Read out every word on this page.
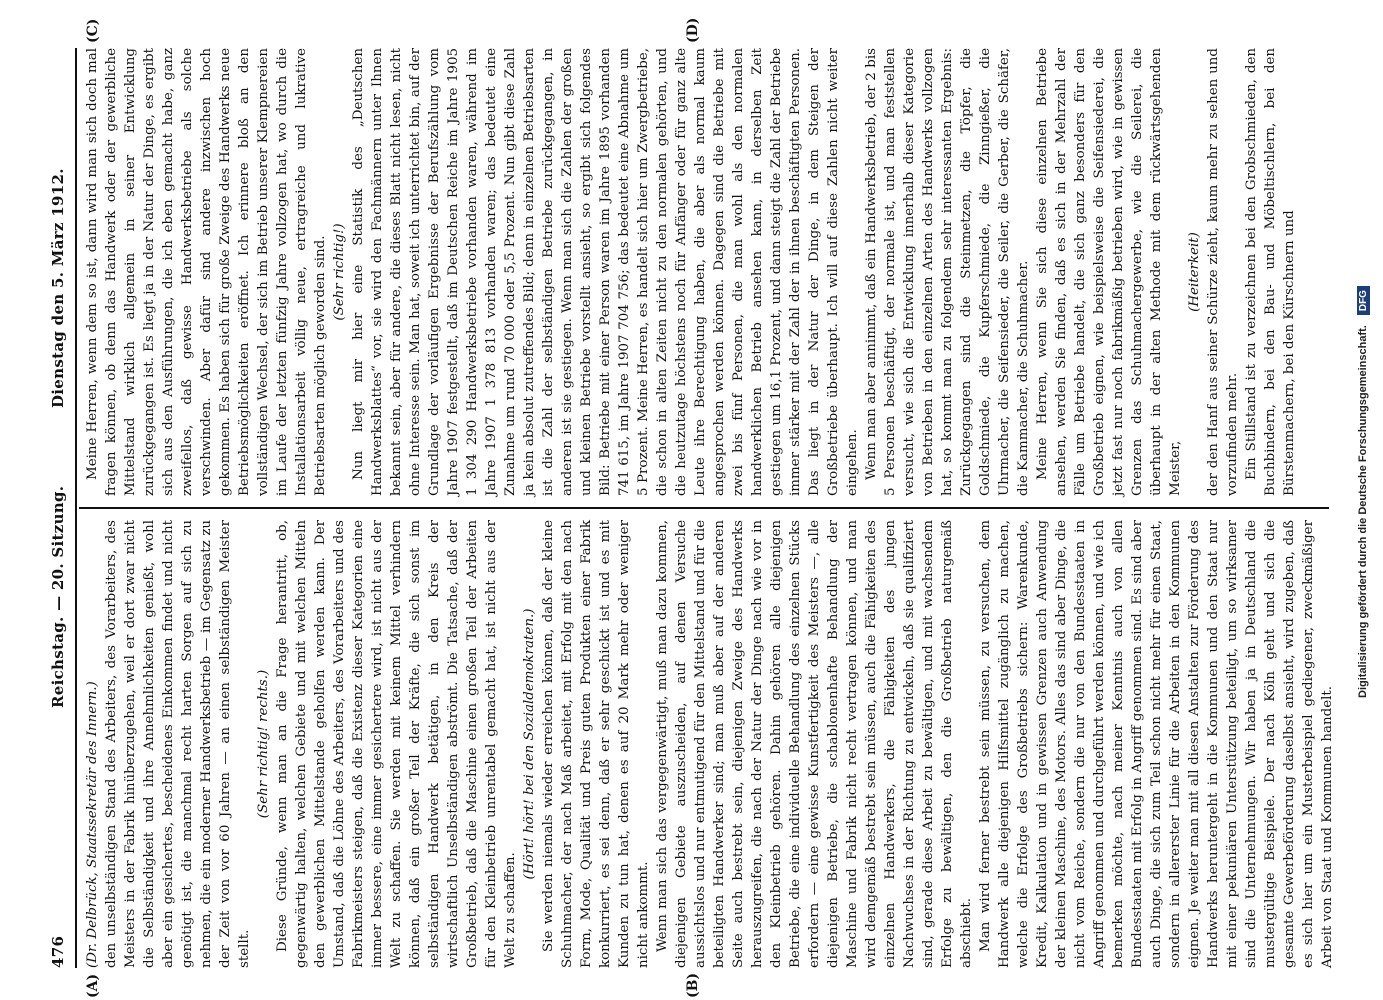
476
Reichstag. — 20. Sitzung.
Dienstag den 5. März 1912.

(Dr. Delbrück, Staatssekretär des Innern.) den unselbständigen Stand des Arbeiters, des Vorarbeiters, des Meisters in der Fabrik hinüberzugehen, weil er dort zwar nicht die Selbständigkeit und ihre Annehmlichkeiten genießt, wohl aber ein gesichertes, bescheidenes Einkommen findet und nicht genötigt ist, die manchmal recht harten Sorgen auf sich zu nehmen, die ein moderner Handwerksbetrieb — im Gegensatz zu der Zeit von vor 60 Jahren — an einen selbständigen Meister stellt.

(Sehr richtig! rechts.) Diese Gründe, wenn man an die Frage herantritt, ob, gegenwärtig halten, welchen Gebiete und mit welchen Mitteln den gewerblichen Mittelstande geholfen werden kann. Der Umstand, daß die Löhne des Arbeiters, des Vorarbeiters und des Fabrikmeisters steigen, daß die Existenz dieser Kategorien eine immer bessere, eine immer gesichertere wird, ist nicht aus der Welt zu schaffen. Sie werden mit keinem Mittel verhindern können, daß ein großer Teil der Kräfte, die sich sonst im selbständigen Handwerk betätigen, in den Kreis der wirtschaftlich Unselbständigen abströmt. Die Tatsache, daß der Großbetrieb, daß die Maschine einen großen Teil der Arbeiten für den Kleinbetrieb unrentabel gemacht hat, ist nicht aus der Welt zu schaffen.

(Hört! hört! bei den Sozialdemokraten.) Sie werden niemals wieder erreichen können, daß der kleine Schuhmacher, der nach Maß arbeitet, mit Erfolg mit den nach Form, Mode, Qualität und Preis guten Produkten einer Fabrik konkurriert, es sei denn, daß er sehr geschickt ist und es mit Kunden zu tun hat, denen es auf 20 Mark mehr oder weniger nicht ankommt. Wenn man sich das vergegenwärtigt, muß man dazu kommen, diejenigen Gebiete auszuscheiden, auf denen Versuche aussichtslos und nur entmutigend für den Mittelstand und für die beteiligten Handwerker sind; man muß aber auf der anderen Seite auch bestrebt sein, diejenigen Zweige des Handwerks herauszugreifen, die nach der Natur der Dinge nach wie vor in den Kleinbetrieb gehören. Dahin gehören alle diejenigen Betriebe, die eine individuelle Behandlung des einzelnen Stücks erfordern — eine gewisse Kunstfertigkeit des Meisters —, alle diejenigen Betriebe, die schablonenhafte Behandlung der Maschine und Fabrik nicht recht vertragen können, und man wird demgemäß bestrebt sein müssen, auch die Fähigkeiten des einzelnen Handwerkers, die Fähigkeiten des jungen Nachwuchses in der Richtung zu entwickeln, daß sie qualifiziert sind, gerade diese Arbeit zu bewältigen, und mit wachsendem Erfolge zu bewältigen, den die Großbetrieb naturgemäß abschiebt. Man wird ferner bestrebt sein müssen, zu versuchen, dem Handwerk alle diejenigen Hilfsmittel zugänglich zu machen, welche die Erfolge des Großbetriebs sichern: Warenkunde, Kredit, Kalkulation und in gewissen Grenzen auch Anwendung der kleinen Maschine, des Motors. Alles das sind aber Dinge, die nicht vom Reiche, sondern die nur von den Bundesstaaten in Angriff genommen und durchgeführt werden können, und wie ich bemerken möchte, nach meiner Kenntnis auch von allen Bundesstaaten mit Erfolg in Angriff genommen sind. Es sind aber auch Dinge, die sich zum Teil schon nicht mehr für einen Staat, sondern in allererster Linie für die Arbeiten in den Kommunen eignen. Je weiter man mit all diesen Anstalten zur Förderung des Handwerks heruntergeht in die Kommunen und den Staat nur mit einer pekuniären Unterstützung beteiligt, um so wirksamer sind die Unternehmungen. Wir haben ja in Deutschland die mustergültige Beispiele. Der nach Köln geht und sich die gesamte Gewerbeförderung daselbst ansieht, wird zugeben, daß es sich hier um ein Musterbeispiel gediegener, zweckmäßiger Arbeit von Staat und Kommunen handelt.

Meine Herren, wenn dem so ist, dann wird man sich doch mal fragen können, ob denn das Handwerk oder der gewerbliche Mittelstand wirklich allgemein in seiner Entwicklung zurückgegangen ist. Es liegt ja in der Natur der Dinge, es ergibt sich aus den Ausführungen, die ich eben gemacht habe, ganz zweifellos, daß gewisse Handwerksbetriebe als solche verschwinden. Aber dafür sind andere inzwischen hoch gekommen. Es haben sich für große Zweige des Handwerks neue Betriebsmöglichkeiten eröffnet. Ich erinnere bloß an den vollständigen Wechsel, der sich im Betrieb unserer Klempnereien im Laufe der letzten fünfzig Jahre vollzogen hat, wo durch die Installationsarbeit völlig neue, ertragreiche und lukrative Betriebsarten möglich geworden sind. (Sehr richtig!) Nun liegt mir hier eine Statistik des „Deutschen Handwerksblattes“ vor, sie wird den Fachmännern unter Ihnen bekannt sein, aber für andere, die dieses Blatt nicht lesen, nicht ohne Interesse sein. Man hat, soweit ich unterrichtet bin, auf der Grundlage der vorläufigen Ergebnisse der Berufszählung vom Jahre 1907 festgestellt, daß im Deutschen Reiche im Jahre 1905 1 304 290 Handwerksbetriebe vorhanden waren, während im Jahre 1907 1 378 813 vorhanden waren; das bedeutet eine Zunahme um rund 70 000 oder 5,5 Prozent. Nun gibt diese Zahl ja kein absolut zutreffendes Bild; denn in einzelnen Betriebsarten ist die Zahl der selbständigen Betriebe zurückgegangen, in anderen ist sie gestiegen. Wenn man sich die Zahlen der großen und kleinen Betriebe vorstellt ansieht, so ergibt sich folgendes Bild: Betriebe mit einer Person waren im Jahre 1895 vorhanden 741 615, im Jahre 1907 704 756; das bedeutet eine Abnahme um 5 Prozent. Meine Herren, es handelt sich hier um Zwergbetriebe, die schon in alten Zeiten nicht zu den normalen gehörten, und die heutzutage höchstens noch für Anfänger oder für ganz alte Leute ihre Berechtigung haben, die aber als normal kaum angesprochen werden können. Dagegen sind die Betriebe mit zwei bis fünf Personen, die man wohl als den normalen handwerklichen Betrieb ansehen kann, in derselben Zeit gestiegen um 16,1 Prozent, und dann steigt die Zahl der Betriebe immer stärker mit der Zahl der in ihnen beschäftigten Personen. Das liegt in der Natur der Dinge, in dem Steigen der Großbetriebe überhaupt. Ich will auf diese Zahlen nicht weiter eingehen. Wenn man aber annimmt, daß ein Handwerksbetrieb, der 2 bis 5 Personen beschäftigt, der normale ist, und man feststellen versucht, wie sich die Entwicklung innerhalb dieser Kategorie von Betrieben in den einzelnen Arten des Handwerks vollzogen hat, so kommt man zu folgendem sehr interessanten Ergebnis: Zurückgegangen sind die Steinmetzen, die Töpfer, die Goldschmiede, die Kupferschmiede, die Zinngießer, die Uhrmacher, die Seifensieder, die Seiler, die Gerber, die Schäfer, die Kammacher, die Schuhmacher. Meine Herren, wenn Sie sich diese einzelnen Betriebe ansehen, werden Sie finden, daß es sich in der Mehrzahl der Fälle um Betriebe handelt, die sich ganz besonders für den Großbetrieb eignen, wie beispielsweise die Seifensiederei, die jetzt fast nur noch fabrikmäßig betrieben wird, wie in gewissen Grenzen das Schuhmachergewerbe, wie die Seilerei, die überhaupt in der alten Methode mit dem rückwärtsgehenden Meister,

(Heiterkeit) der den Hanf aus seiner Schürze zieht, kaum mehr zu sehen und vorzufinden mehr. Ein Stillstand ist zu verzeichnen bei den Grobschmieden, den Buchbindern, bei den Bau- und Möbeltischlern, bei den Bürstenmachern, bei den Kürschnern und

(A)	(B)
(C)	(D)
Digitalisierung gefördert durch die Deutsche Forschungsgemeinschaft.
DFG
